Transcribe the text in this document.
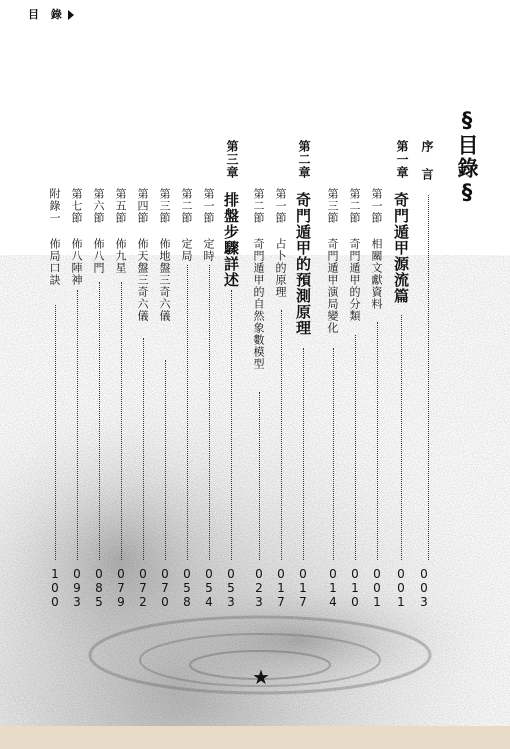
目 錄
§目錄§
序 言
003
第一章
奇門遁甲源流篇
001
第一節 相關文獻資料
001
第二節 奇門遁甲的分類
010
第三節 奇門遁甲演局變化
014
第二章
奇門遁甲的預測原理
017
第一節 占卜的原理
017
第二節 奇門遁甲的自然象數模型
023
第三章
排盤步驟詳述
053
第一節 定時
054
第二節 定局
058
第三節 佈地盤三奇六儀
070
第四節 佈天盤三奇六儀
072
第五節 佈九星
079
第六節 佈八門
085
第七節 佈八陣神
093
附錄一 佈局口訣
100
★
